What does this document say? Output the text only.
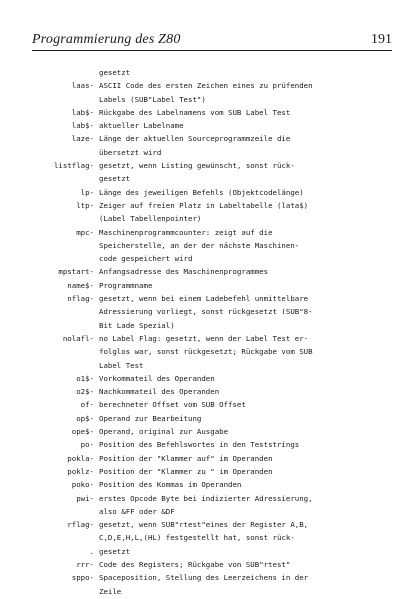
Programmierung des Z80	191
gesetzt
laas- ASCII Code des ersten Zeichen eines zu prüfenden
Labels (SUB"Label Test")
lab$- Rückgabe des Labelnamens vom SUB Label Test
lab$- aktueller Labelname
laze- Länge der aktuellen Sourceprogrammzeile die
übersetzt wird
listflag- gesetzt, wenn Listing gewünscht, sonst rück-
gesetzt
lp- Länge des jeweiligen Befehls (Objektcodelänge)
ltp- Zeiger auf freien Platz in Labeltabelle (lata$)
(Label Tabellenpointer)
mpc- Maschinenprogrammcounter: zeigt auf die
Speicherstelle, an der der nächste Maschinen-
code gespeichert wird
mpstart- Anfangsadresse des Maschinenprogrammes
name$- Programmname
nflag- gesetzt, wenn bei einem Ladebefehl unmittelbare
Adressierung vorliegt, sonst rückgesetzt (SUB"8-
Bit Lade Spezial)
nolafl- no Label Flag: gesetzt, wenn der Label Test er-
folglos war, sonst rückgesetzt; Rückgabe vom SUB
Label Test
o1$- Vorkommateil des Operanden
o2$- Nachkommateil des Operanden
of- berechneter Offset vom SUB Offset
op$- Operand zur Bearbeitung
ope$- Operand, original zur Ausgabe
po- Position des Befehlswortes in den Teststrings
pokla- Position der "Klammer auf" im Operanden
poklz- Position der "Klammer zu " im Operanden
poko- Position des Kommas im Operanden
pwi- erstes Opcode Byte bei indizierter Adressierung,
also &FF oder &DF
rflag- gesetzt, wenn SUB"rtest"eines der Register A,B,
C,D,E,H,L,(HL) festgestellt hat, sonst rück-
gesetzt
.
rrr- Code des Registers; Rückgabe von SUB"rtest"
sppo- Spaceposition, Stellung des Leerzeichens in der
Zeile
